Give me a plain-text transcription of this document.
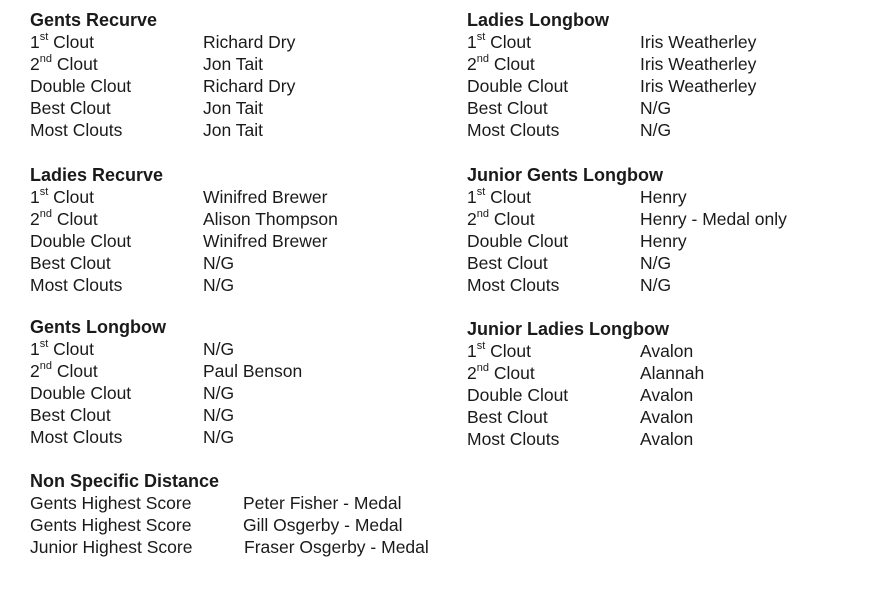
Gents Recurve
1st Clout	Richard Dry
2nd Clout	Jon Tait
Double Clout	Richard Dry
Best Clout	Jon Tait
Most Clouts	Jon Tait
Ladies Recurve
1st Clout	Winifred Brewer
2nd Clout	Alison Thompson
Double Clout	Winifred Brewer
Best Clout	N/G
Most Clouts	N/G
Gents Longbow
1st Clout	N/G
2nd Clout	Paul Benson
Double Clout	N/G
Best Clout	N/G
Most Clouts	N/G
Non Specific Distance
Gents Highest Score	Peter Fisher - Medal
Gents Highest Score	Gill Osgerby - Medal
Junior Highest Score	Fraser Osgerby - Medal
Ladies Longbow
1st Clout	Iris Weatherley
2nd Clout	Iris Weatherley
Double Clout	Iris Weatherley
Best Clout	N/G
Most Clouts	N/G
Junior Gents Longbow
1st Clout	Henry
2nd Clout	Henry - Medal only
Double Clout	Henry
Best Clout	N/G
Most Clouts	N/G
Junior Ladies Longbow
1st Clout	Avalon
2nd Clout	Alannah
Double Clout	Avalon
Best Clout	Avalon
Most Clouts	Avalon
